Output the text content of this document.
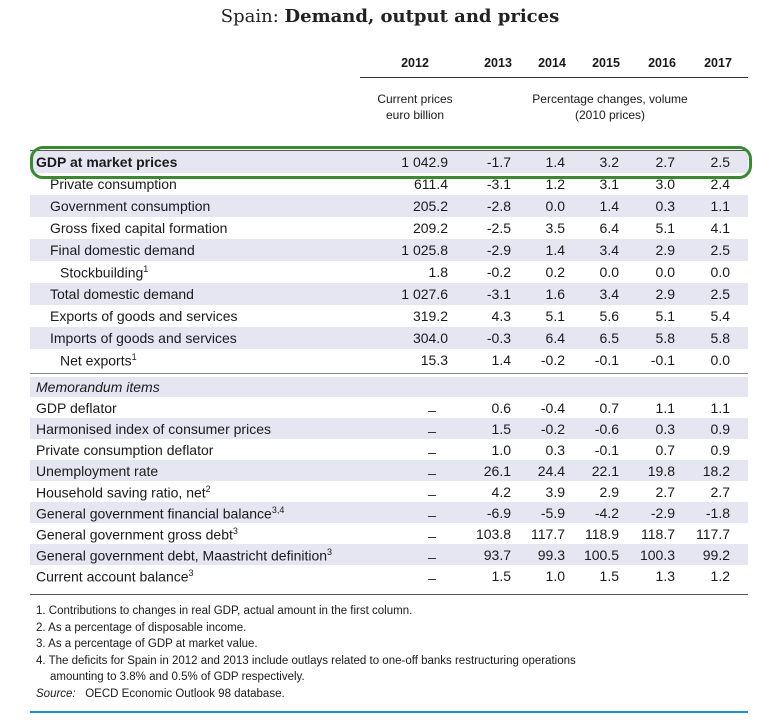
Spain: Demand, output and prices
2012	2013	2014	2015	2016	2017
Current prices
euro billion
Percentage changes, volume
(2010 prices)
GDP at market prices	1 042.9	-1.7	1.4	3.2	2.7	2.5
Private consumption	611.4	-3.1	1.2	3.1	3.0	2.4
Government consumption	205.2	-2.8	0.0	1.4	0.3	1.1
Gross fixed capital formation	209.2	-2.5	3.5	6.4	5.1	4.1
Final domestic demand	1 025.8	-2.9	1.4	3.4	2.9	2.5
Stockbuilding$^1$	1.8	-0.2	0.2	0.0	0.0	0.0
Total domestic demand	1 027.6	-3.1	1.6	3.4	2.9	2.5
Exports of goods and services	319.2	4.3	5.1	5.6	5.1	5.4
Imports of goods and services	304.0	-0.3	6.4	6.5	5.8	5.8
Net exports$^1$	15.3	1.4	-0.2	-0.1	-0.1	0.0
Memorandum items
GDP deflator	_	0.6	-0.4	0.7	1.1	1.1
Harmonised index of consumer prices	_	1.5	-0.2	-0.6	0.3	0.9
Private consumption deflator	_	1.0	0.3	-0.1	0.7	0.9
Unemployment rate	_	26.1	24.4	22.1	19.8	18.2
Household saving ratio, net$^2$	_	4.2	3.9	2.9	2.7	2.7
General government financial balance$^{3,4}$	_	-6.9	-5.9	-4.2	-2.9	-1.8
General government gross debt$^3$	_	103.8	117.7	118.9	118.7	117.7
General government debt, Maastricht definition$^3$	_	93.7	99.3	100.5	100.3	99.2
Current account balance$^3$	_	1.5	1.0	1.5	1.3	1.2
1. Contributions to changes in real GDP, actual amount in the first column.
2. As a percentage of disposable income.
3. As a percentage of GDP at market value.
4. The deficits for Spain in 2012 and 2013 include outlays related to one-off banks restructuring operations
amounting to 3.8% and 0.5% of GDP respectively.
Source: OECD Economic Outlook 98 database.
